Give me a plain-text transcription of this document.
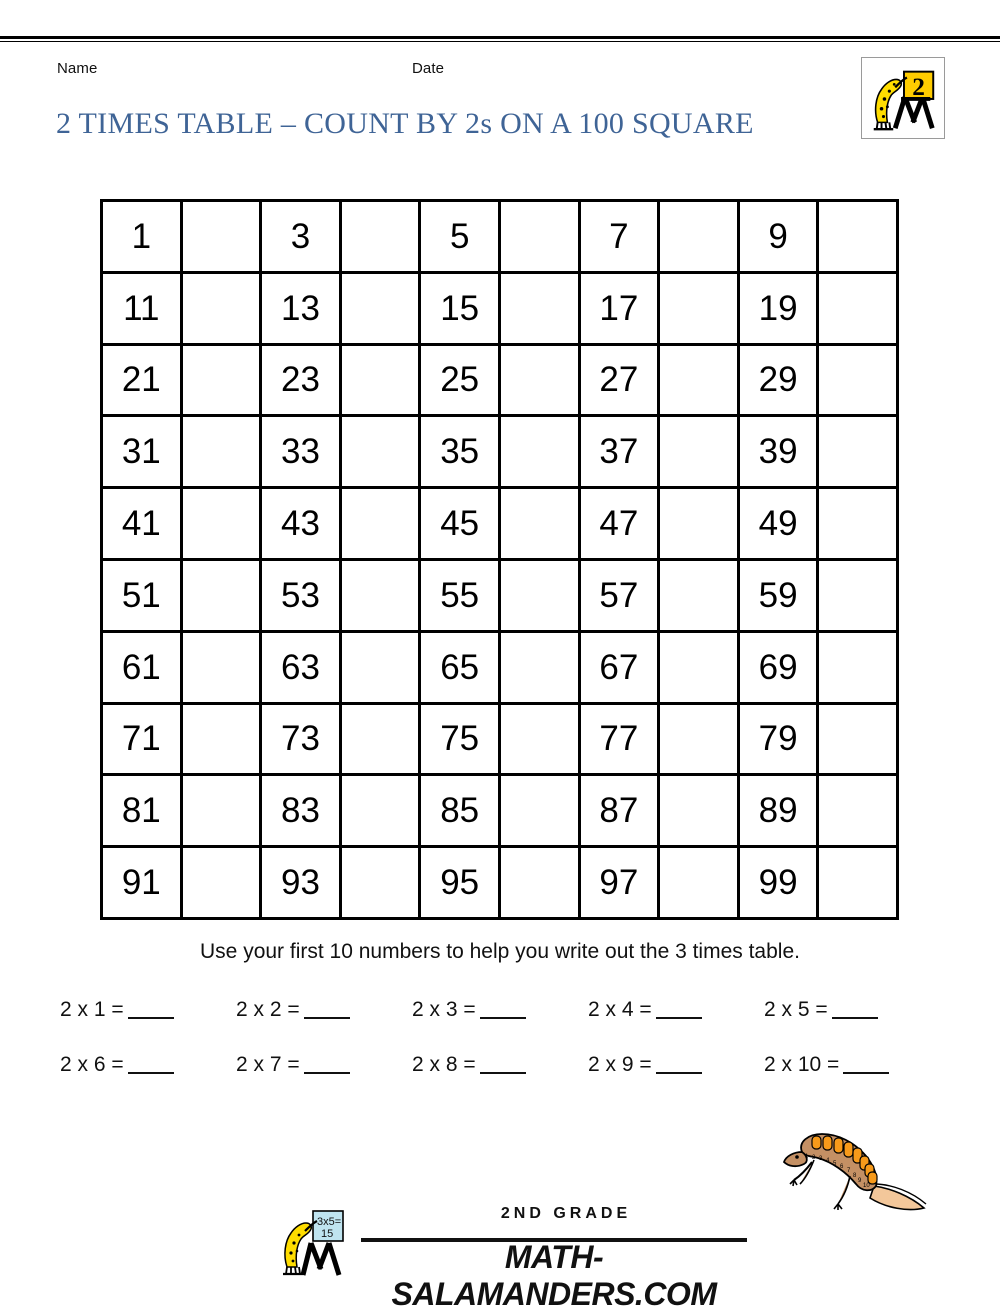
Name	Date
2 TIMES TABLE – COUNT BY 2s ON A 100 SQUARE
2
1	3	5	7	9
11	13	15	17	19
21	23	25	27	29
31	33	35	37	39
41	43	45	47	49
51	53	55	57	59
61	63	65	67	69
71	73	75	77	79
81	83	85	87	89
91	93	95	97	99
Use your first 10 numbers to help you write out the 3 times table.
2 x 1 =	2 x 2 =	2 x 3 =	2 x 4 =	2 x 5 =
2 x 6 =	2 x 7 =	2 x 8 =	2 x 9 =	2 x 10 =
1 2 3 4 5 6
7
8
9
10
3x5=
15
2ND GRADE
MATH-SALAMANDERS.COM
